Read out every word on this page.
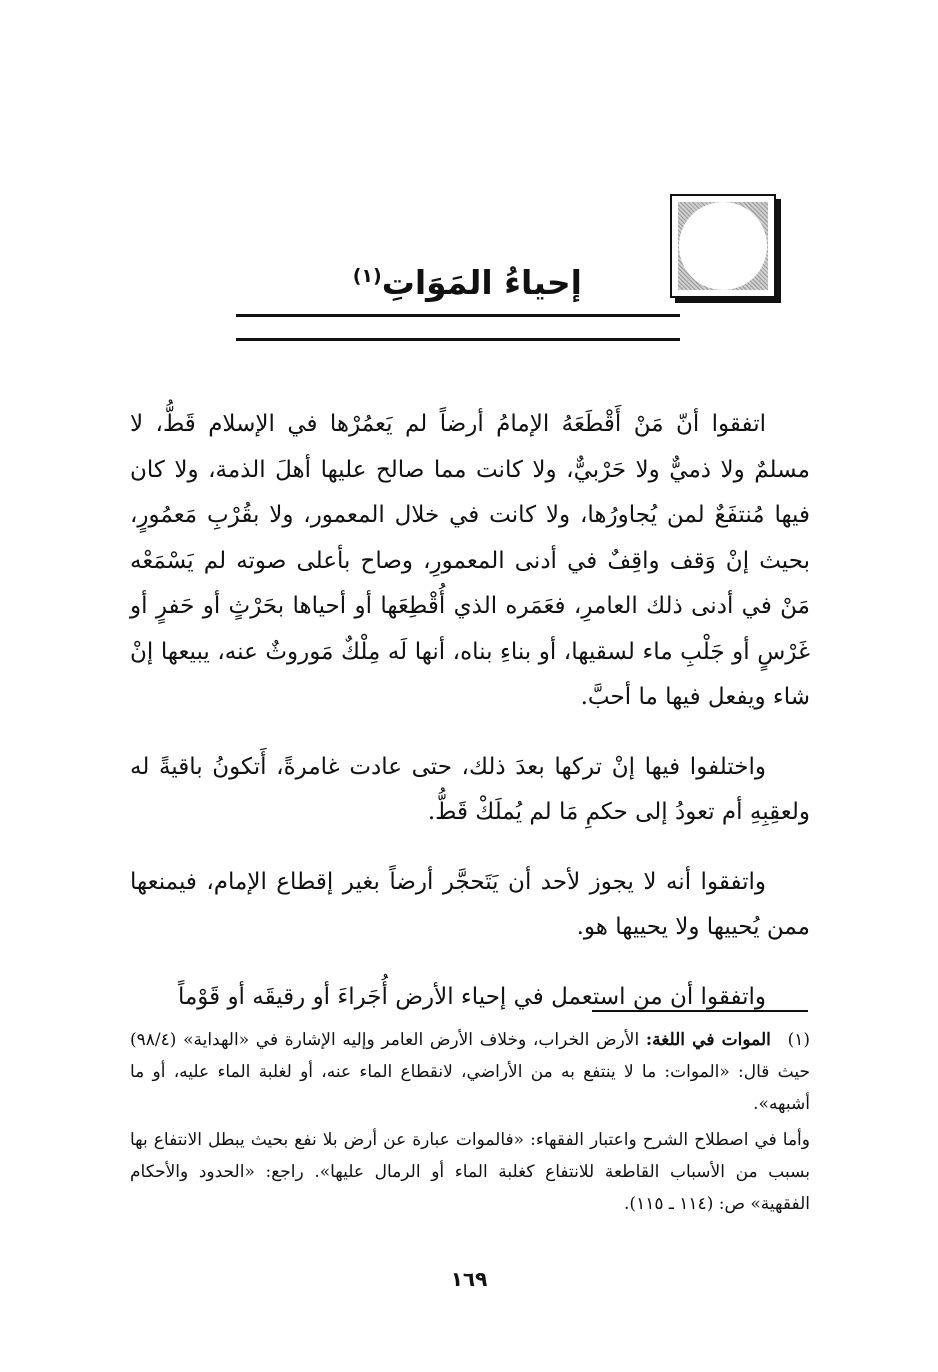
إحياءُ المَوَاتِ$^{(١)}$

اتفقوا أنّ مَنْ أَقْطَعَهُ الإمامُ أرضاً لم يَعمُرْها في الإسلام قَطُّ، لا مسلمٌ ولا ذميٌّ ولا حَرْبيٌّ، ولا كانت مما صالح عليها أهلَ الذمة، ولا كان فيها مُنتفَعٌ لمن يُجاورُها، ولا كانت في خلال المعمور، ولا بقُرْبِ مَعمُورٍ، بحيث إنْ وَقف واقِفٌ في أدنى المعمورِ، وصاح بأعلى صوته لم يَسْمَعْه مَنْ في أدنى ذلك العامرِ، فعَمَره الذي أُقْطِعَها أو أحياها بحَرْثٍ أو حَفرٍ أو غَرْسٍ أو جَلْبِ ماء لسقيها، أو بناءِ بناه، أنها لَه مِلْكٌ مَوروثٌ عنه، يبيعها إنْ شاء ويفعل فيها ما أحبَّ.

واختلفوا فيها إنْ تركها بعدَ ذلك، حتى عادت غامرةً، أَتكونُ باقيةً له ولعقِبِهِ أم تعودُ إلى حكمِ مَا لم يُملَكْ قَطُّ.

واتفقوا أنه لا يجوز لأحد أن يَتَحجَّر أرضاً بغير إقطاع الإمام، فيمنعها ممن يُحييها ولا يحييها هو.

واتفقوا أن من استعمل في إحياء الأرض أُجَراءَ أو رقيقَه أو قَوْماً

(١) الموات في اللغة: الأرض الخراب، وخلاف الأرض العامر وإليه الإشارة في «الهداية» (٩٨/٤) حيث قال: «الموات: ما لا ينتفع به من الأراضي، لانقطاع الماء عنه، أو لغلبة الماء عليه، أو ما أشبهه».

وأما في اصطلاح الشرح واعتبار الفقهاء: «فالموات عبارة عن أرض بلا نفع بحيث يبطل الانتفاع بها بسبب من الأسباب القاطعة للانتفاع كغلبة الماء أو الرمال عليها». راجع: «الحدود والأحكام الفقهية» ص: (١١٤ ـ ١١٥).

١٦٩
